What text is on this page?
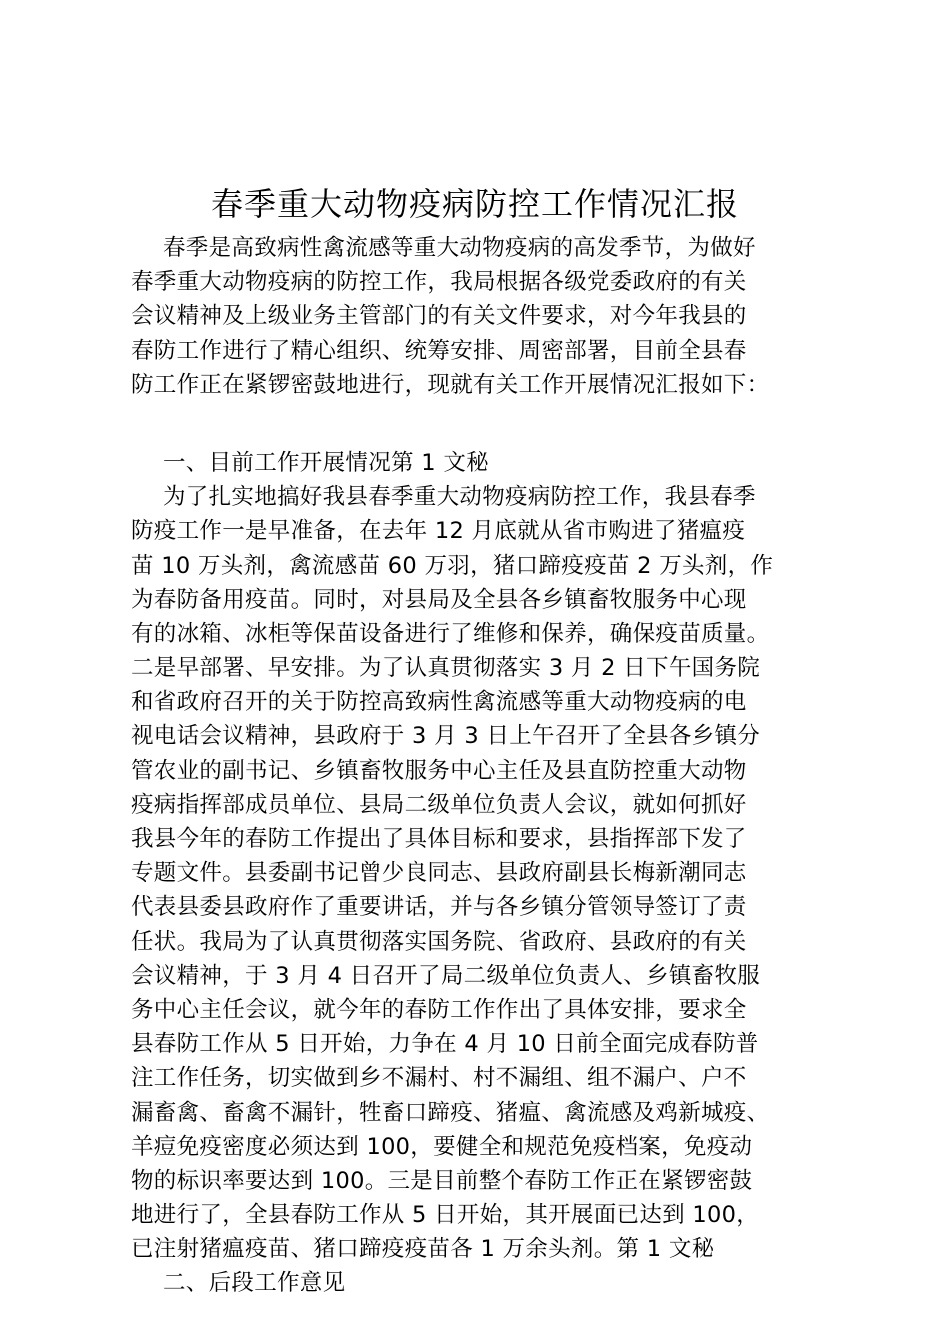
春季重大动物疫病防控工作情况汇报
春季是高致病性禽流感等重大动物疫病的高发季节，为做好
春季重大动物疫病的防控工作，我局根据各级党委政府的有关
会议精神及上级业务主管部门的有关文件要求，对今年我县的
春防工作进行了精心组织、统筹安排、周密部署，目前全县春
防工作正在紧锣密鼓地进行，现就有关工作开展情况汇报如下：
一、目前工作开展情况第 1 文秘
为了扎实地搞好我县春季重大动物疫病防控工作，我县春季
防疫工作一是早准备，在去年 12 月底就从省市购进了猪瘟疫
苗 10 万头剂，禽流感苗 60 万羽，猪口蹄疫疫苗 2 万头剂，作
为春防备用疫苗。同时，对县局及全县各乡镇畜牧服务中心现
有的冰箱、冰柜等保苗设备进行了维修和保养，确保疫苗质量。
二是早部署、早安排。为了认真贯彻落实 3 月 2 日下午国务院
和省政府召开的关于防控高致病性禽流感等重大动物疫病的电
视电话会议精神，县政府于 3 月 3 日上午召开了全县各乡镇分
管农业的副书记、乡镇畜牧服务中心主任及县直防控重大动物
疫病指挥部成员单位、县局二级单位负责人会议，就如何抓好
我县今年的春防工作提出了具体目标和要求，县指挥部下发了
专题文件。县委副书记曾少良同志、县政府副县长梅新潮同志
代表县委县政府作了重要讲话，并与各乡镇分管领导签订了责
任状。我局为了认真贯彻落实国务院、省政府、县政府的有关
会议精神，于 3 月 4 日召开了局二级单位负责人、乡镇畜牧服
务中心主任会议，就今年的春防工作作出了具体安排，要求全
县春防工作从 5 日开始，力争在 4 月 10 日前全面完成春防普
注工作任务，切实做到乡不漏村、村不漏组、组不漏户、户不
漏畜禽、畜禽不漏针，牲畜口蹄疫、猪瘟、禽流感及鸡新城疫、
羊痘免疫密度必须达到 100，要健全和规范免疫档案，免疫动
物的标识率要达到 100。三是目前整个春防工作正在紧锣密鼓
地进行了，全县春防工作从 5 日开始，其开展面已达到 100，
已注射猪瘟疫苗、猪口蹄疫疫苗各 1 万余头剂。第 1 文秘
二、后段工作意见
